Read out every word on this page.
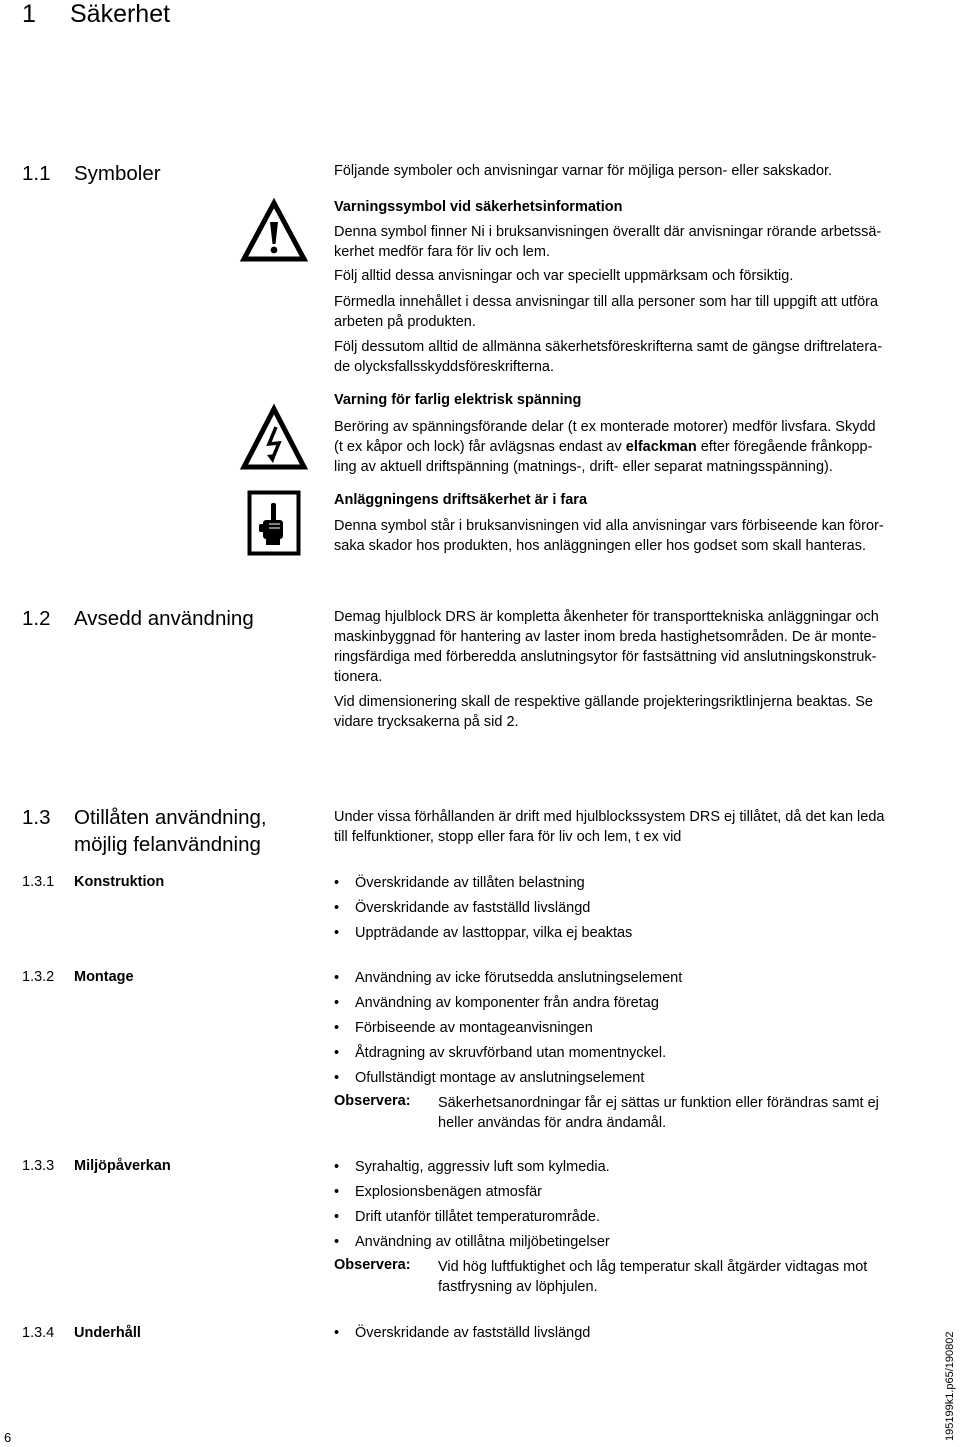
1 Säkerhet
1.1 Symboler	Följande symboler och anvisningar varnar för möjliga person- eller sakskador.
Varningssymbol vid säkerhetsinformation
Denna symbol finner Ni i bruksanvisningen överallt där anvisningar rörande arbetssä-
kerhet medför fara för liv och lem.
Följ alltid dessa anvisningar och var speciellt uppmärksam och försiktig.
Förmedla innehållet i dessa anvisningar till alla personer som har till uppgift att utföra
arbeten på produkten.
Följ dessutom alltid de allmänna säkerhetsföreskrifterna samt de gängse driftrelatera-
de olycksfallsskyddsföreskrifterna.
Varning för farlig elektrisk spänning
Beröring av spänningsförande delar (t ex monterade motorer) medför livsfara. Skydd
(t ex kåpor och lock) får avlägsnas endast av elfackman efter föregående frånkopp-
ling av aktuell driftspänning (matnings-, drift- eller separat matningsspänning).
Anläggningens driftsäkerhet är i fara
Denna symbol står i bruksanvisningen vid alla anvisningar vars förbiseende kan föror-
saka skador hos produkten, hos anläggningen eller hos godset som skall hanteras.
1.2 Avsedd användning	Demag hjulblock DRS är kompletta åkenheter för transporttekniska anläggningar och
maskinbyggnad för hantering av laster inom breda hastighetsområden. De är monte-
ringsfärdiga med förberedda anslutningsytor för fastsättning vid anslutningskonstruk-
tionera.
Vid dimensionering skall de respektive gällande projekteringsriktlinjerna beaktas. Se
vidare trycksakerna på sid 2.
1.3 Otillåten användning,
möjlig felanvändning
Under vissa förhållanden är drift med hjulblockssystem DRS ej tillåtet, då det kan leda
till felfunktioner, stopp eller fara för liv och lem, t ex vid
1.3.1 Konstruktion	• Överskridande av tillåten belastning
• Överskridande av fastställd livslängd
• Uppträdande av lasttoppar, vilka ej beaktas
1.3.2 Montage	• Användning av icke förutsedda anslutningselement
• Användning av komponenter från andra företag
• Förbiseende av montageanvisningen
• Åtdragning av skruvförband utan momentnyckel.
• Ofullständigt montage av anslutningselement
Observera: Säkerhetsanordningar får ej sättas ur funktion eller förändras samt ej
heller användas för andra ändamål.
1.3.3 Miljöpåverkan	• Syrahaltig, aggressiv luft som kylmedia.
• Explosionsbenägen atmosfär
• Drift utanför tillåtet temperaturområde.
• Användning av otillåtna miljöbetingelser
Observera: Vid hög luftfuktighet och låg temperatur skall åtgärder vidtagas mot
fastfrysning av löphjulen.
1.3.4 Underhåll	• Överskridande av fastställd livslängd
6	195199k1.p65/190802
